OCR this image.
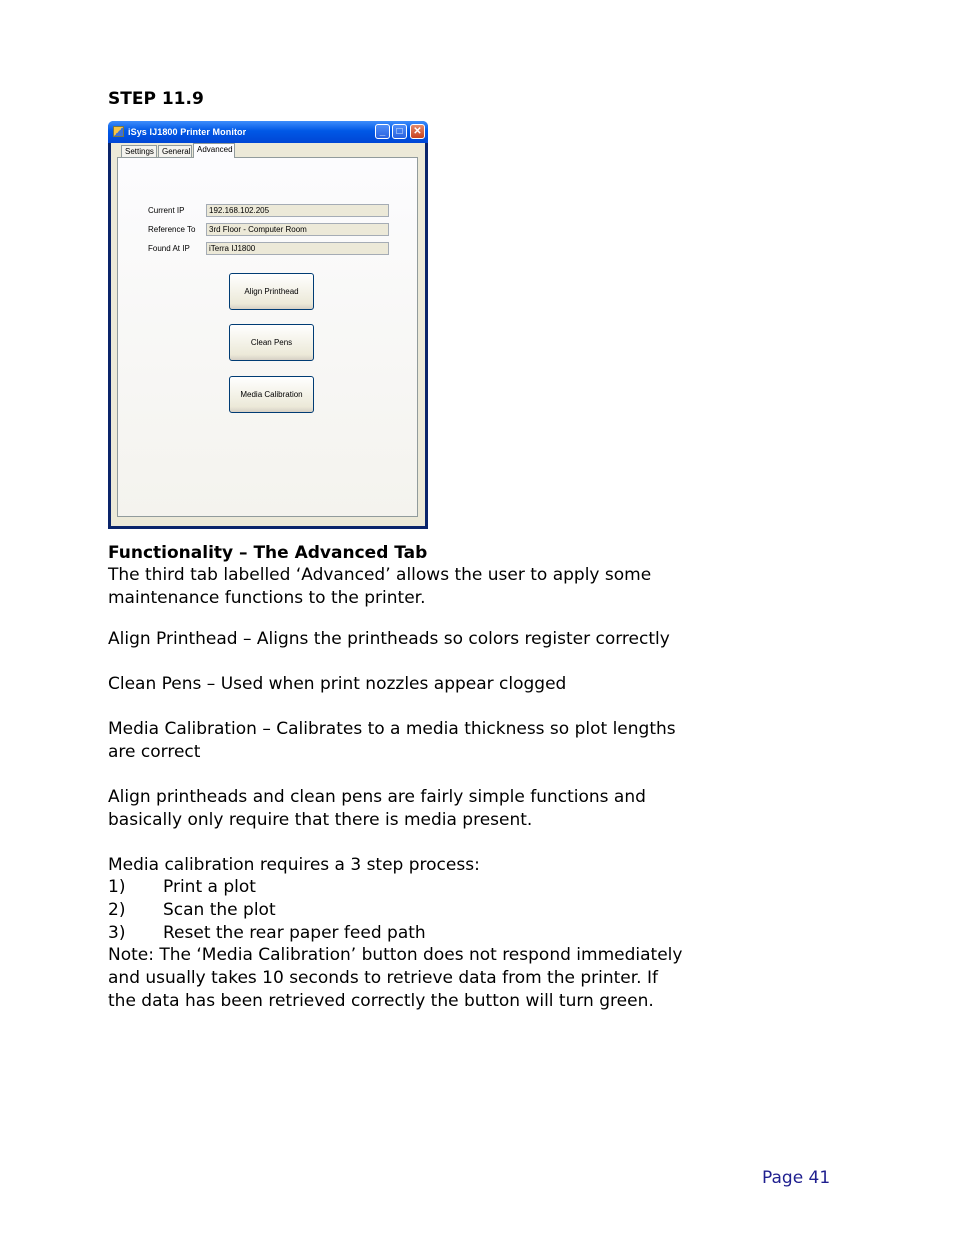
STEP 11.9
iSys IJ1800 Printer Monitor	_	□	✕
Settings	General Advanced
Current IP	192.168.102.205
Reference To	3rd Floor - Computer Room
Found At IP	iTerra IJ1800
Align Printhead
Clean Pens
Media Calibration
Functionality – The Advanced Tab
The third tab labelled ‘Advanced’ allows the user to apply some maintenance functions to the printer.
Align Printhead – Aligns the printheads so colors register correctly
Clean Pens – Used when print nozzles appear clogged
Media Calibration – Calibrates to a media thickness so plot lengths are correct
Align printheads and clean pens are fairly simple functions and basically only require that there is media present.
Media calibration requires a 3 step process:
1) Print a plot
2) Scan the plot
3) Reset the rear paper feed path
Note: The ‘Media Calibration’ button does not respond immediately and usually takes 10 seconds to retrieve data from the printer. If the data has been retrieved correctly the button will turn green.
Page 41
